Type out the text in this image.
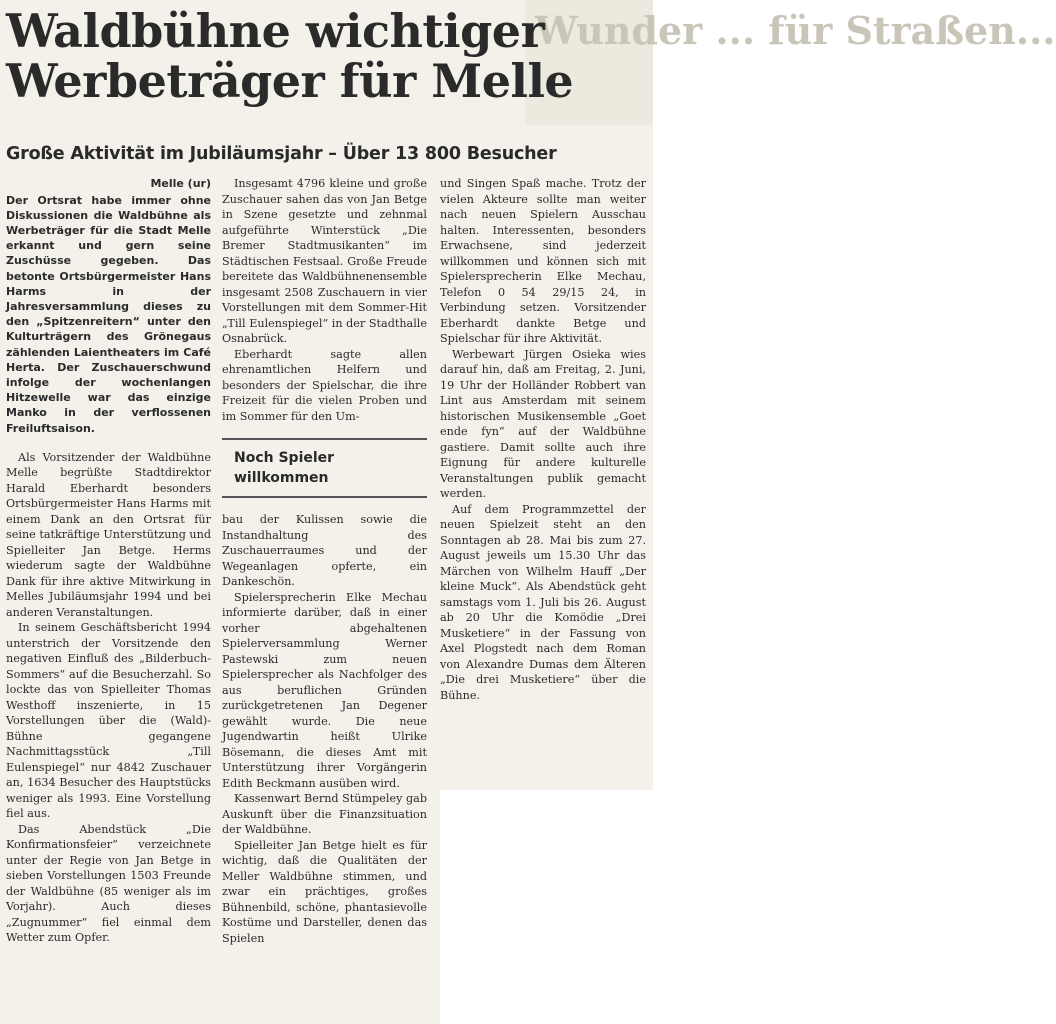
Wunder ... für Straßen...
Waldbühne wichtiger Werbeträger für Melle
Große Aktivität im Jubiläumsjahr – Über 13 800 Besucher
Melle (ur)

Der Ortsrat habe immer ohne Diskussionen die Waldbühne als Werbeträger für die Stadt Melle erkannt und gern seine Zuschüsse gegeben. Das betonte Ortsbürgermeister Hans Harms in der Jahresversammlung dieses zu den „Spitzenreitern“ unter den Kulturträgern des Grönegaus zählenden Laientheaters im Café Herta. Der Zuschauerschwund infolge der wochenlangen Hitzewelle war das einzige Manko in der verflossenen Freiluftsaison.

Als Vorsitzender der Waldbühne Melle begrüßte Stadtdirektor Harald Eberhardt besonders Ortsbürgermeister Hans Harms mit einem Dank an den Ortsrat für seine tatkräftige Unterstützung und Spielleiter Jan Betge. Herms wiederum sagte der Waldbühne Dank für ihre aktive Mitwirkung in Melles Jubiläumsjahr 1994 und bei anderen Veranstaltungen.

In seinem Geschäftsbericht 1994 unterstrich der Vorsitzende den negativen Einfluß des „Bilderbuch-Sommers“ auf die Besucherzahl. So lockte das von Spielleiter Thomas Westhoff inszenierte, in 15 Vorstellungen über die (Wald)-Bühne gegangene Nachmittagsstück „Till Eulenspiegel“ nur 4842 Zuschauer an, 1634 Besucher des Hauptstücks weniger als 1993. Eine Vorstellung fiel aus.

Das Abendstück „Die Konfirmationsfeier“ verzeichnete unter der Regie von Jan Betge in sieben Vorstellungen 1503 Freunde der Waldbühne (85 weniger als im Vorjahr). Auch dieses „Zugnummer“ fiel einmal dem Wetter zum Opfer.

Insgesamt 4796 kleine und große Zuschauer sahen das von Jan Betge in Szene gesetzte und zehnmal aufgeführte Winterstück „Die Bremer Stadtmusikanten“ im Städtischen Festsaal. Große Freude bereitete das Waldbühnenensemble insgesamt 2508 Zuschauern in vier Vorstellungen mit dem Sommer-Hit „Till Eulenspiegel“ in der Stadthalle Osnabrück.

Eberhardt sagte allen ehrenamtlichen Helfern und besonders der Spielschar, die ihre Freizeit für die vielen Proben und im Sommer für den Um-

Noch Spieler willkommen

bau der Kulissen sowie die Instandhaltung des Zuschauerraumes und der Wegeanlagen opferte, ein Dankeschön.

Spielersprecherin Elke Mechau informierte darüber, daß in einer vorher abgehaltenen Spielerversammlung Werner Pastewski zum neuen Spielersprecher als Nachfolger des aus beruflichen Gründen zurückgetretenen Jan Degener gewählt wurde. Die neue Jugendwartin heißt Ulrike Bösemann, die dieses Amt mit Unterstützung ihrer Vorgängerin Edith Beckmann ausüben wird.

Kassenwart Bernd Stümpeley gab Auskunft über die Finanzsituation der Waldbühne.

Spielleiter Jan Betge hielt es für wichtig, daß die Qualitäten der Meller Waldbühne stimmen, und zwar ein prächtiges, großes Bühnenbild, schöne, phantasievolle Kostüme und Darsteller, denen das Spielen

und Singen Spaß mache. Trotz der vielen Akteure sollte man weiter nach neuen Spielern Ausschau halten. Interessenten, besonders Erwachsene, sind jederzeit willkommen und können sich mit Spielersprecherin Elke Mechau, Telefon 0 54 29/15 24, in Verbindung setzen. Vorsitzender Eberhardt dankte Betge und Spielschar für ihre Aktivität.

Werbewart Jürgen Osieka wies darauf hin, daß am Freitag, 2. Juni, 19 Uhr der Holländer Robbert van Lint aus Amsterdam mit seinem historischen Musikensemble „Goet ende fyn“ auf der Waldbühne gastiere. Damit sollte auch ihre Eignung für andere kulturelle Veranstaltungen publik gemacht werden.

Auf dem Programmzettel der neuen Spielzeit steht an den Sonntagen ab 28. Mai bis zum 27. August jeweils um 15.30 Uhr das Märchen von Wilhelm Hauff „Der kleine Muck“. Als Abendstück geht samstags vom 1. Juli bis 26. August ab 20 Uhr die Komödie „Drei Musketiere“ in der Fassung von Axel Plogstedt nach dem Roman von Alexandre Dumas dem Älteren „Die drei Musketiere“ über die Bühne.
